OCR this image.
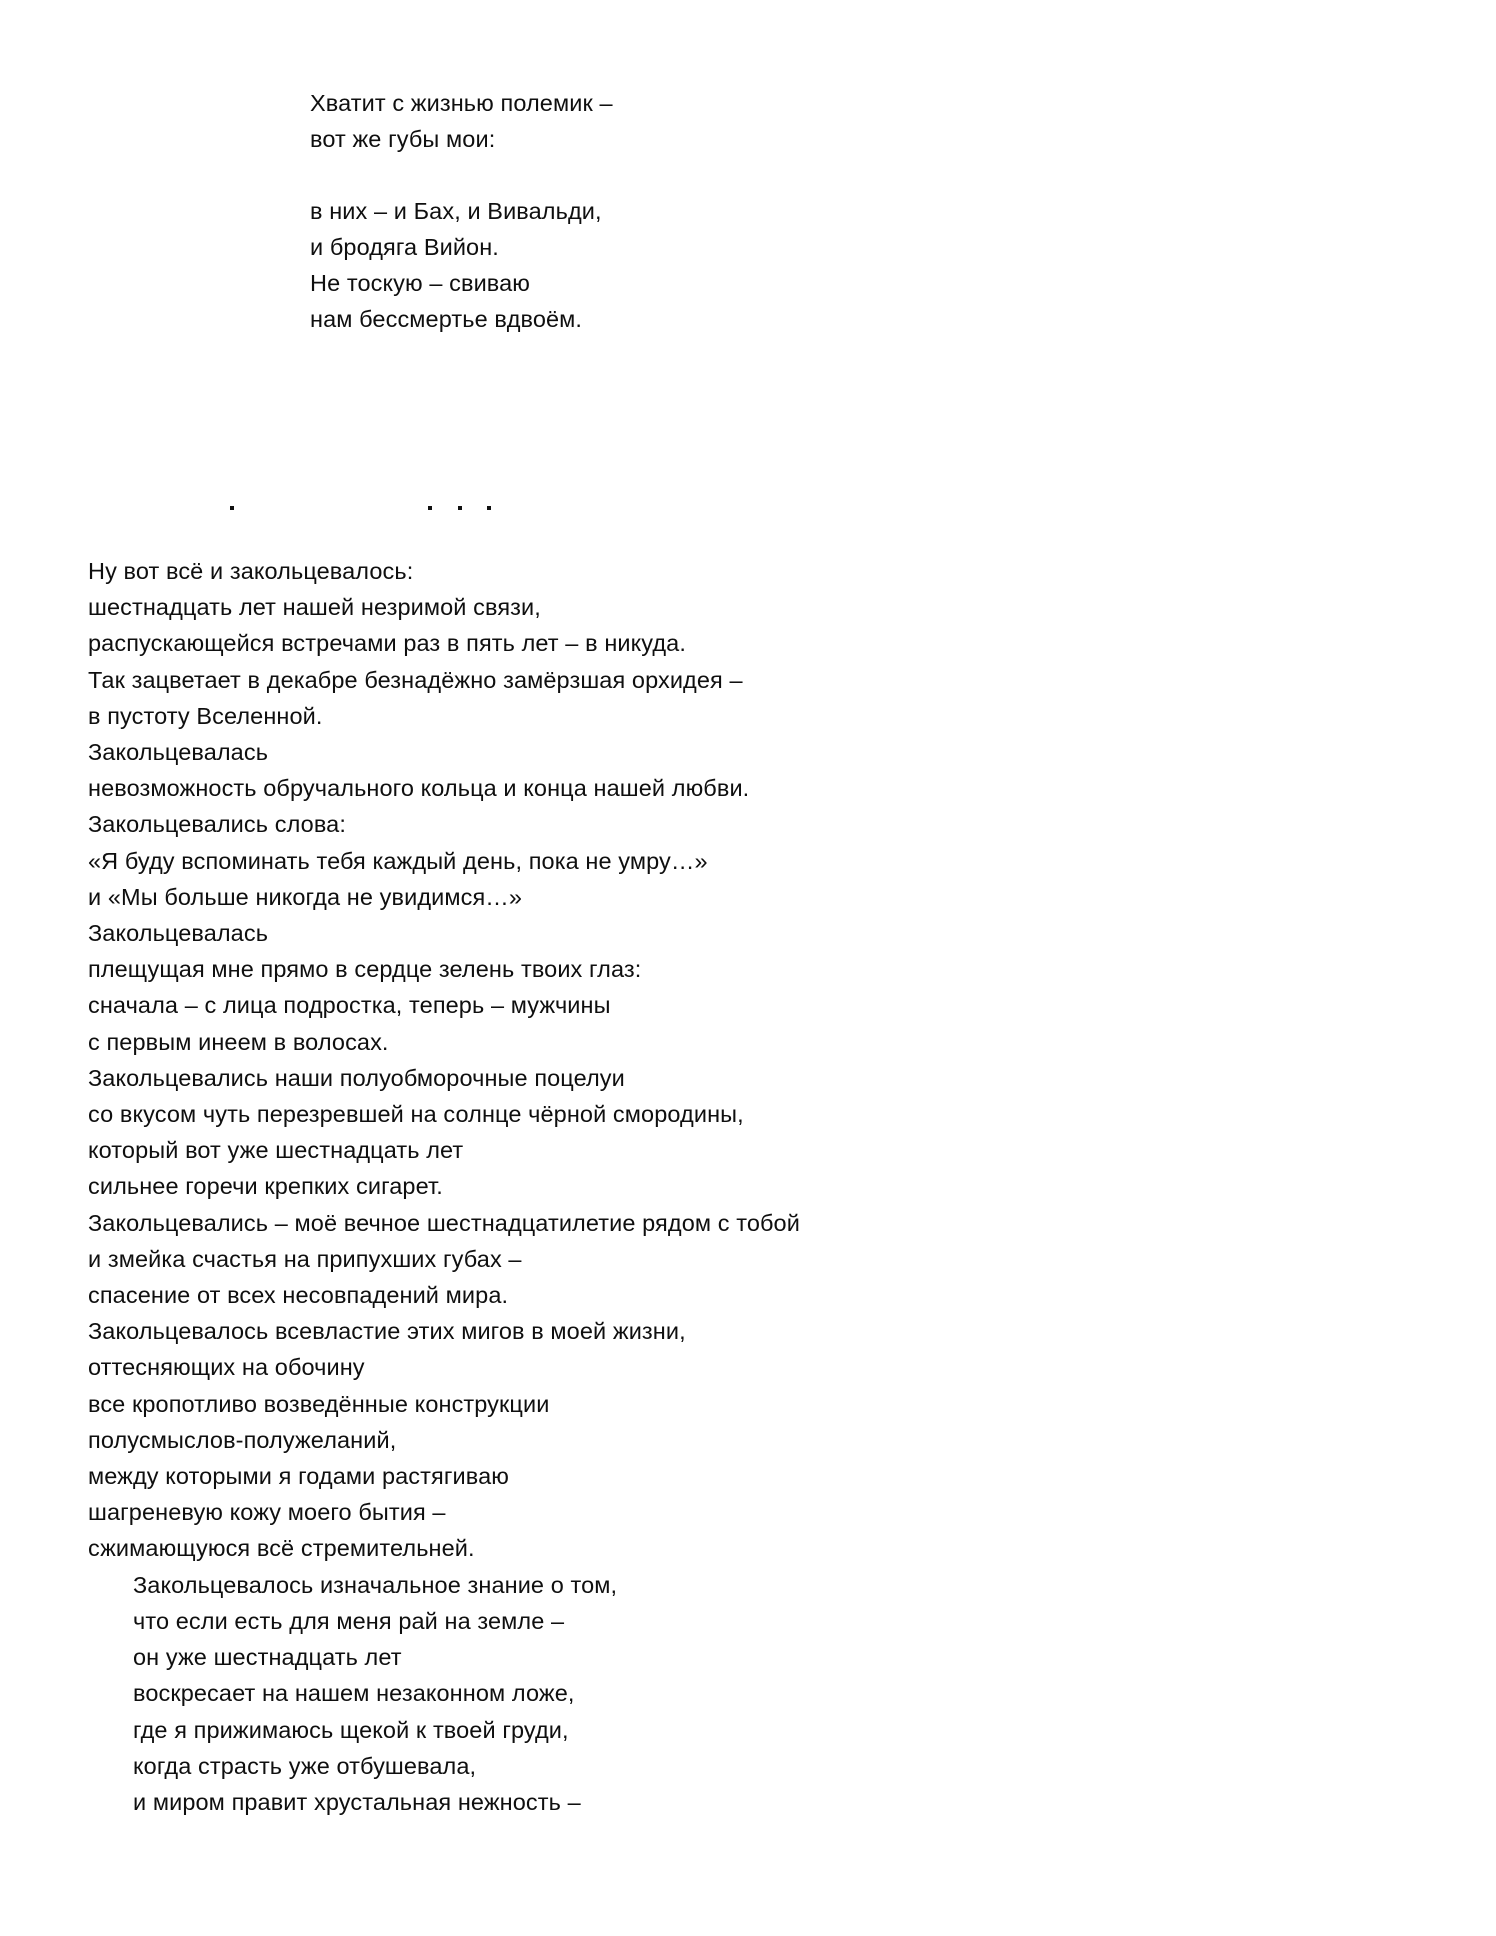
Хватит с жизнью полемик –
вот же губы мои:
в них – и Бах, и Вивальди,
и бродяга Вийон.
Не тоскую – свиваю
нам бессмертье вдвоём.
Ну вот всё и закольцевалось:
шестнадцать лет нашей незримой связи,
распускающейся встречами раз в пять лет – в никуда.
Так зацветает в декабре безнадёжно замёрзшая орхидея –
в пустоту Вселенной.
Закольцевалась
невозможность обручального кольца и конца нашей любви.
Закольцевались слова:
«Я буду вспоминать тебя каждый день, пока не умру…»
и «Мы больше никогда не увидимся…»
Закольцевалась
плещущая мне прямо в сердце зелень твоих глаз:
сначала – с лица подростка, теперь – мужчины
с первым инеем в волосах.
Закольцевались наши полуобморочные поцелуи
со вкусом чуть перезревшей на солнце чёрной смородины,
который вот уже шестнадцать лет
сильнее горечи крепких сигарет.
Закольцевались – моё вечное шестнадцатилетие рядом с тобой
и змейка счастья на припухших губах –
спасение от всех несовпадений мира.
Закольцевалось всевластие этих мигов в моей жизни,
оттесняющих на обочину
все кропотливо возведённые конструкции
полусмыслов-полужеланий,
между которыми я годами растягиваю
шагреневую кожу моего бытия –
сжимающуюся всё стремительней.
Закольцевалось изначальное знание о том,
что если есть для меня рай на земле –
он уже шестнадцать лет
воскресает на нашем незаконном ложе,
где я прижимаюсь щекой к твоей груди,
когда страсть уже отбушевала,
и миром правит хрустальная нежность –
